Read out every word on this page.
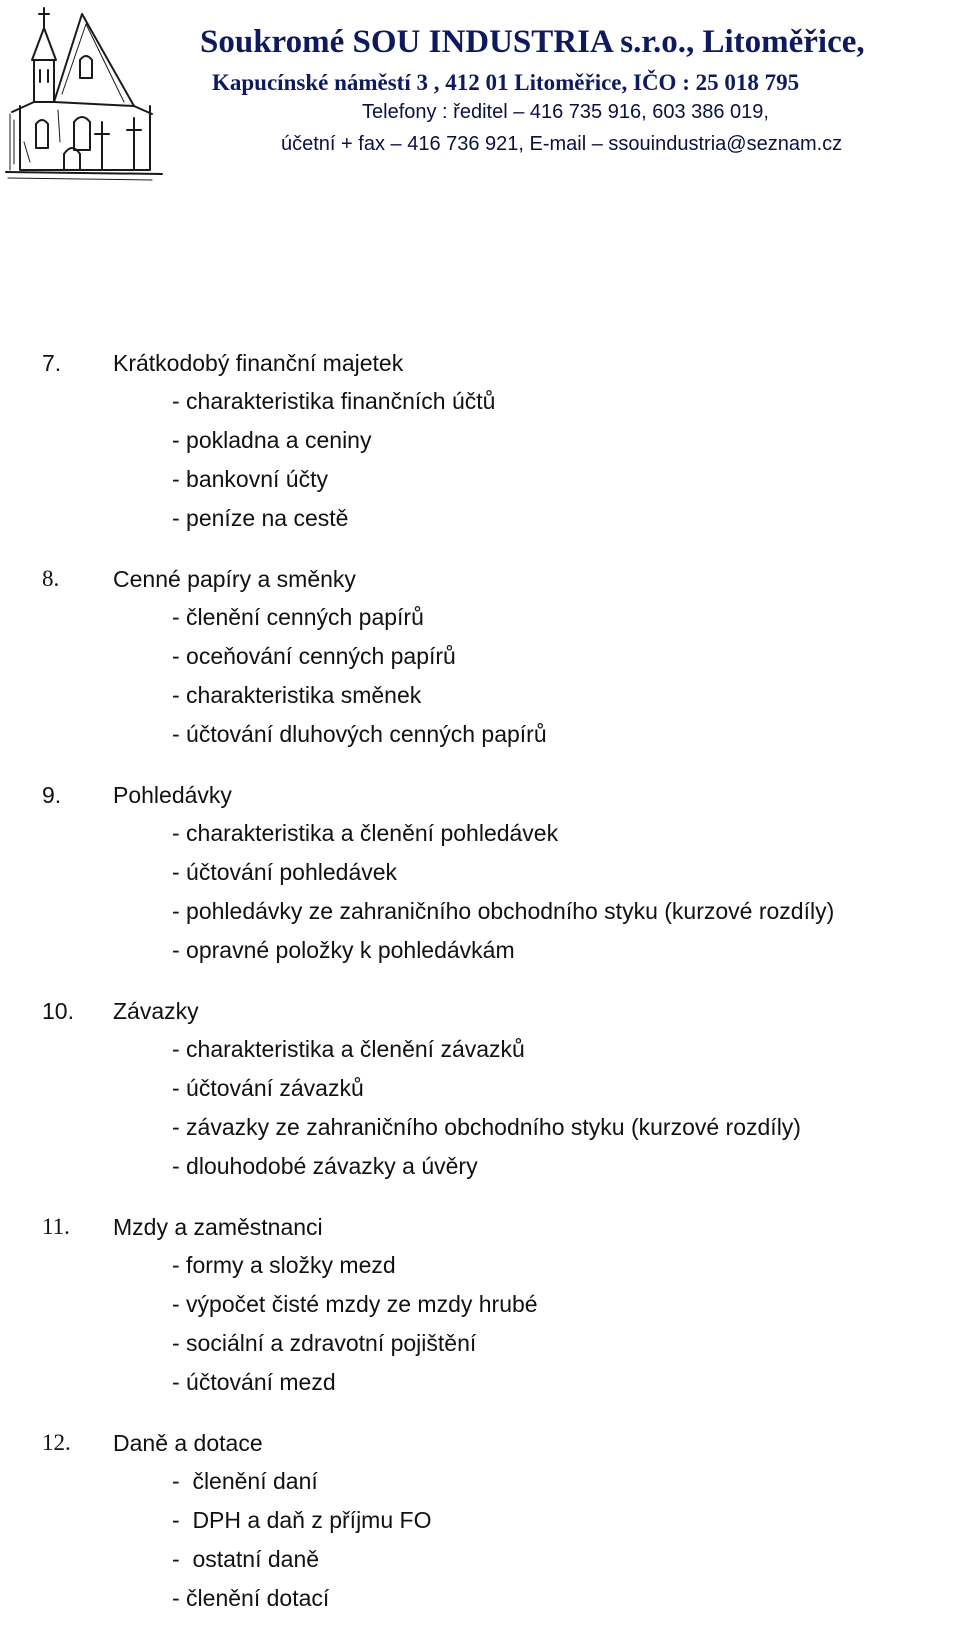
Soukromé SOU INDUSTRIA s.r.o., Litoměřice,
Kapucínské náměstí 3 , 412 01 Litoměřice, IČO : 25 018 795
Telefony : ředitel – 416 735 916, 603 386 019,
účetní + fax – 416 736 921, E-mail – ssouindustria@seznam.cz
7. Krátkodobý finanční majetek
- charakteristika finančních účtů
- pokladna a ceniny
- bankovní účty
- peníze na cestě
8. Cenné papíry a směnky
- členění cenných papírů
- oceňování cenných papírů
- charakteristika směnek
- účtování dluhových cenných papírů
9. Pohledávky
- charakteristika a členění pohledávek
- účtování pohledávek
- pohledávky ze zahraničního obchodního styku (kurzové rozdíly)
- opravné položky k pohledávkám
10. Závazky
- charakteristika a členění závazků
- účtování závazků
- závazky ze zahraničního obchodního styku (kurzové rozdíly)
- dlouhodobé závazky a úvěry
11. Mzdy a zaměstnanci
- formy a složky mezd
- výpočet čisté mzdy ze mzdy hrubé
- sociální a zdravotní pojištění
- účtování mezd
12. Daně a dotace
-  členění daní
-  DPH a daň z příjmu FO
-  ostatní daně
- členění dotací
